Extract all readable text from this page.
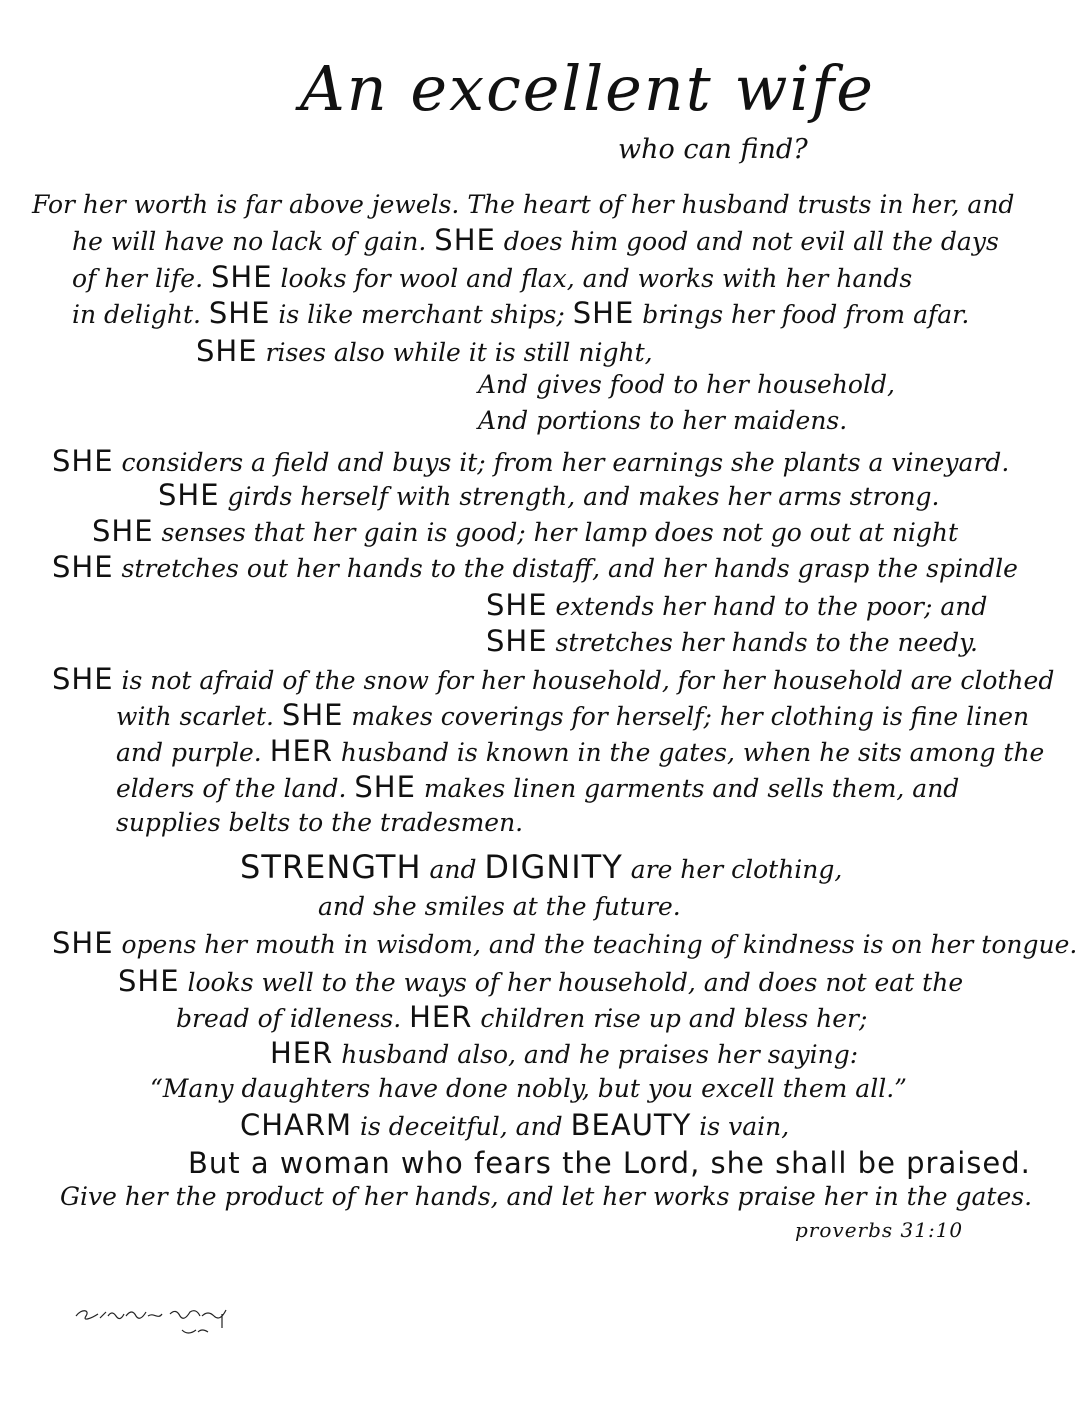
An excellent wife
who can find?
For her worth is far above jewels. The heart of her husband trusts in her, and
he will have no lack of gain. SHE does him good and not evil all the days
of her life. SHE looks for wool and flax, and works with her hands
in delight. SHE is like merchant ships; SHE brings her food from afar.
SHE rises also while it is still night,
And gives food to her household,
And portions to her maidens.
SHE considers a field and buys it; from her earnings she plants a vineyard.
SHE girds herself with strength, and makes her arms strong.
SHE senses that her gain is good; her lamp does not go out at night
SHE stretches out her hands to the distaff, and her hands grasp the spindle
SHE extends her hand to the poor; and
SHE stretches her hands to the needy.
SHE is not afraid of the snow for her household, for her household are clothed
with scarlet. SHE makes coverings for herself; her clothing is fine linen
and purple. HER husband is known in the gates, when he sits among the
elders of the land. SHE makes linen garments and sells them, and
supplies belts to the tradesmen.
STRENGTH and DIGNITY are her clothing,
and she smiles at the future.
SHE opens her mouth in wisdom, and the teaching of kindness is on her tongue.
SHE looks well to the ways of her household, and does not eat the
bread of idleness. HER children rise up and bless her;
HER husband also, and he praises her saying:
“Many daughters have done nobly, but you excell them all.”
CHARM is deceitful, and BEAUTY is vain,
But a woman who fears the Lord, she shall be praised.
Give her the product of her hands, and let her works praise her in the gates.
proverbs 31:10
